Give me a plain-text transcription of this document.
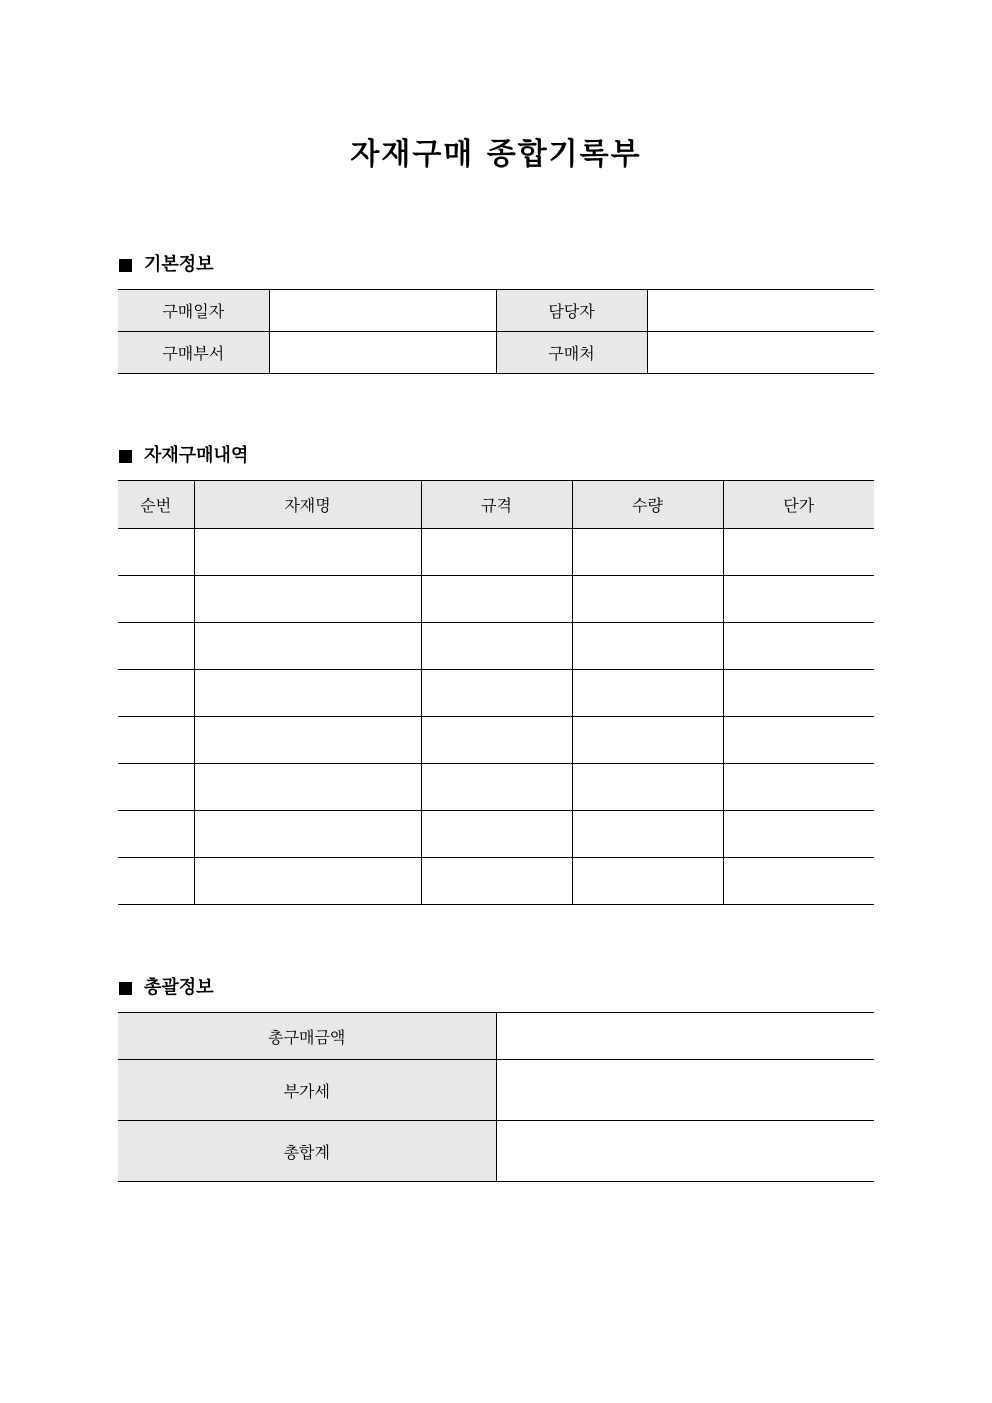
자재구매 종합기록부
기본정보
구매일자		담당자	
구매부서		구매처	
자재구매내역
순번	자재명	규격	수량	단가

총괄정보
총구매금액	
부가세	
총합계	
